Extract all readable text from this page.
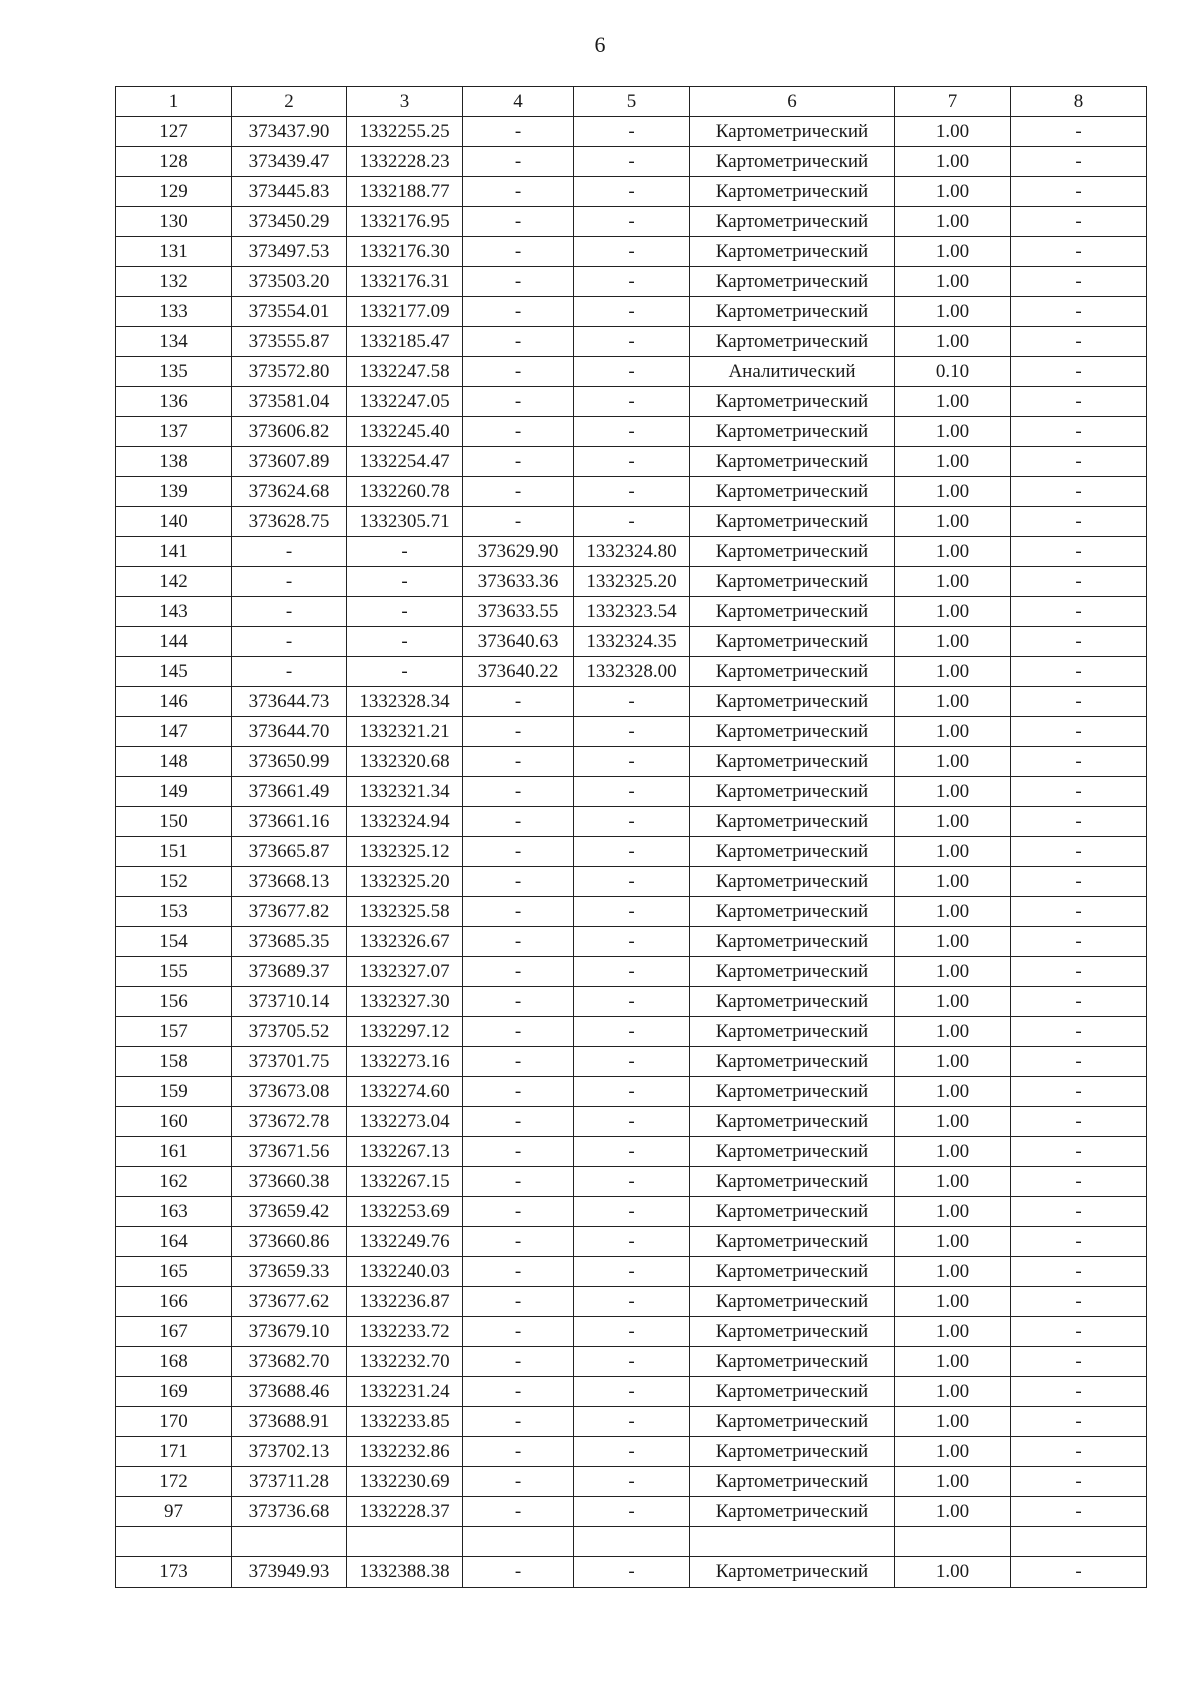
6
1	2	3	4	5	6	7	8
127	373437.90	1332255.25	-	-	Картометрический	1.00	-
128	373439.47	1332228.23	-	-	Картометрический	1.00	-
129	373445.83	1332188.77	-	-	Картометрический	1.00	-
130	373450.29	1332176.95	-	-	Картометрический	1.00	-
131	373497.53	1332176.30	-	-	Картометрический	1.00	-
132	373503.20	1332176.31	-	-	Картометрический	1.00	-
133	373554.01	1332177.09	-	-	Картометрический	1.00	-
134	373555.87	1332185.47	-	-	Картометрический	1.00	-
135	373572.80	1332247.58	-	-	Аналитический	0.10	-
136	373581.04	1332247.05	-	-	Картометрический	1.00	-
137	373606.82	1332245.40	-	-	Картометрический	1.00	-
138	373607.89	1332254.47	-	-	Картометрический	1.00	-
139	373624.68	1332260.78	-	-	Картометрический	1.00	-
140	373628.75	1332305.71	-	-	Картометрический	1.00	-
141	-	-	373629.90	1332324.80	Картометрический	1.00	-
142	-	-	373633.36	1332325.20	Картометрический	1.00	-
143	-	-	373633.55	1332323.54	Картометрический	1.00	-
144	-	-	373640.63	1332324.35	Картометрический	1.00	-
145	-	-	373640.22	1332328.00	Картометрический	1.00	-
146	373644.73	1332328.34	-	-	Картометрический	1.00	-
147	373644.70	1332321.21	-	-	Картометрический	1.00	-
148	373650.99	1332320.68	-	-	Картометрический	1.00	-
149	373661.49	1332321.34	-	-	Картометрический	1.00	-
150	373661.16	1332324.94	-	-	Картометрический	1.00	-
151	373665.87	1332325.12	-	-	Картометрический	1.00	-
152	373668.13	1332325.20	-	-	Картометрический	1.00	-
153	373677.82	1332325.58	-	-	Картометрический	1.00	-
154	373685.35	1332326.67	-	-	Картометрический	1.00	-
155	373689.37	1332327.07	-	-	Картометрический	1.00	-
156	373710.14	1332327.30	-	-	Картометрический	1.00	-
157	373705.52	1332297.12	-	-	Картометрический	1.00	-
158	373701.75	1332273.16	-	-	Картометрический	1.00	-
159	373673.08	1332274.60	-	-	Картометрический	1.00	-
160	373672.78	1332273.04	-	-	Картометрический	1.00	-
161	373671.56	1332267.13	-	-	Картометрический	1.00	-
162	373660.38	1332267.15	-	-	Картометрический	1.00	-
163	373659.42	1332253.69	-	-	Картометрический	1.00	-
164	373660.86	1332249.76	-	-	Картометрический	1.00	-
165	373659.33	1332240.03	-	-	Картометрический	1.00	-
166	373677.62	1332236.87	-	-	Картометрический	1.00	-
167	373679.10	1332233.72	-	-	Картометрический	1.00	-
168	373682.70	1332232.70	-	-	Картометрический	1.00	-
169	373688.46	1332231.24	-	-	Картометрический	1.00	-
170	373688.91	1332233.85	-	-	Картометрический	1.00	-
171	373702.13	1332232.86	-	-	Картометрический	1.00	-
172	373711.28	1332230.69	-	-	Картометрический	1.00	-
97	373736.68	1332228.37	-	-	Картометрический	1.00	-

173	373949.93	1332388.38	-	-	Картометрический	1.00	-
